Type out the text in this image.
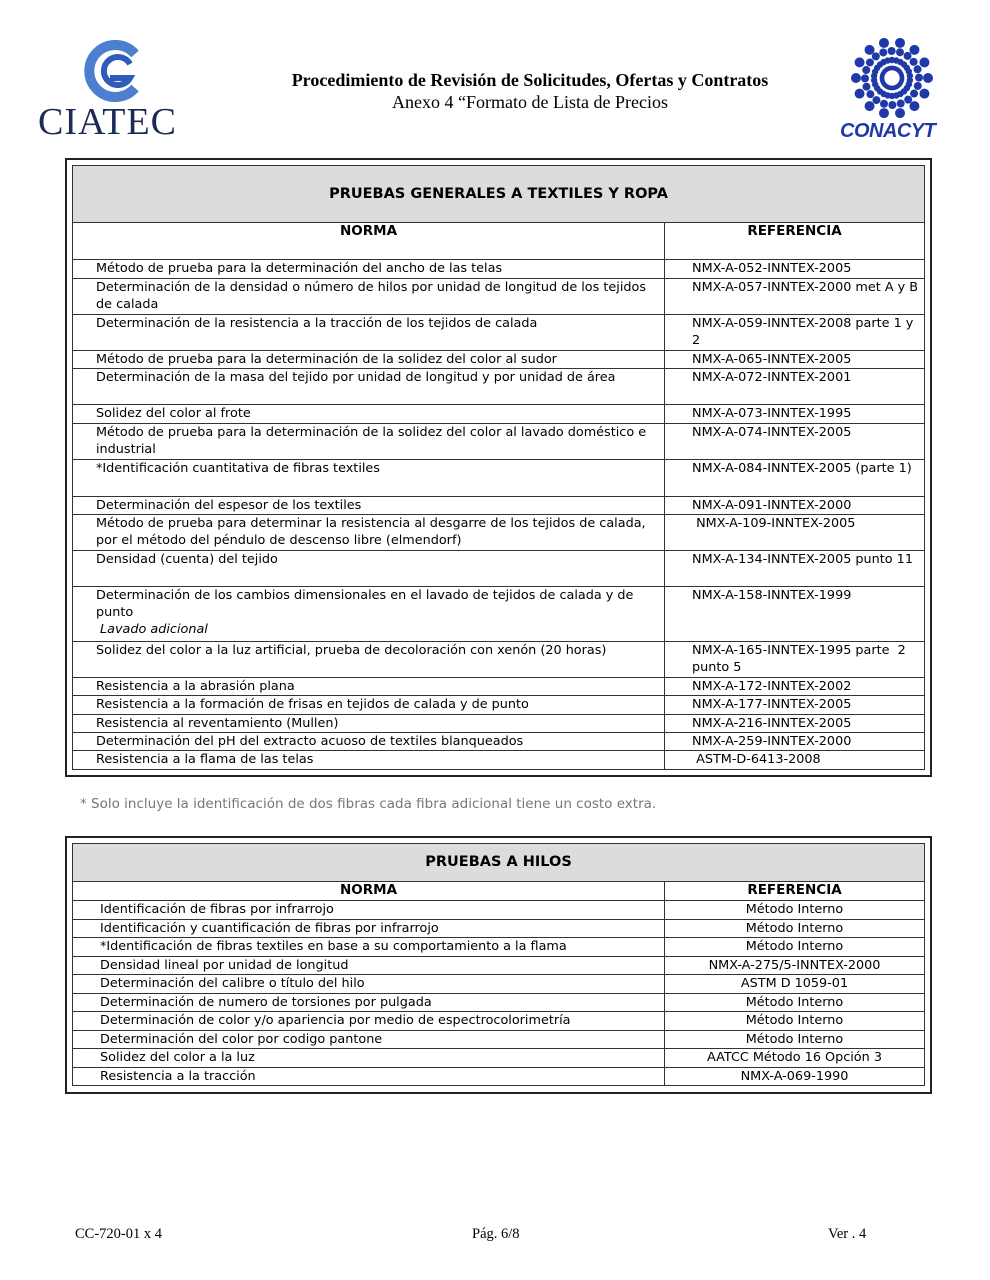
CIATEC
Procedimiento de Revisión de Solicitudes, Ofertas y Contratos
Anexo 4 “Formato de Lista de Precios
CONACYT
PRUEBAS GENERALES A TEXTILES Y ROPA	
NORMA	REFERENCIA

Método de prueba para la determinación del ancho de las telas	NMX-A-052-INNTEX-2005

Determinación de la densidad o número de hilos por unidad de longitud de los tejidos de calada	NMX-A-057-INNTEX-2000 met A y B

Determinación de la resistencia a la tracción de los tejidos de calada	NMX-A-059-INNTEX-2008 parte 1 y 2

Método de prueba para la determinación de la solidez del color al sudor	NMX-A-065-INNTEX-2005

Determinación de la masa del tejido por unidad de longitud y por unidad de área	NMX-A-072-INNTEX-2001

Solidez del color al frote	NMX-A-073-INNTEX-1995

Método de prueba para la determinación de la solidez del color al lavado doméstico e industrial	NMX-A-074-INNTEX-2005

*Identificación cuantitativa de fibras textiles	NMX-A-084-INNTEX-2005 (parte 1)

Determinación del espesor de los textiles	NMX-A-091-INNTEX-2000

Método de prueba para determinar la resistencia al desgarre de los tejidos de calada, por el método del péndulo de descenso libre (elmendorf)	NMX-A-109-INNTEX-2005

Densidad (cuenta) del tejido	NMX-A-134-INNTEX-2005 punto 11

Determinación de los cambios dimensionales en el lavado de tejidos de calada y de punto
Lavado adicional	NMX-A-158-INNTEX-1999

Solidez del color a la luz artificial, prueba de decoloración con xenón (20 horas)	NMX-A-165-INNTEX-1995 parte  2 punto 5

Resistencia a la abrasión plana	NMX-A-172-INNTEX-2002

Resistencia a la formación de frisas en tejidos de calada y de punto	NMX-A-177-INNTEX-2005

Resistencia al reventamiento (Mullen)	NMX-A-216-INNTEX-2005

Determinación del pH del extracto acuoso de textiles blanqueados	NMX-A-259-INNTEX-2000

Resistencia a la flama de las telas	ASTM-D-6413-2008
* Solo incluye la identificación de dos fibras cada fibra adicional tiene un costo extra.
PRUEBAS A HILOS	
NORMA	REFERENCIA
Identificación de fibras por infrarrojo	Método Interno
Identificación y cuantificación de fibras por infrarrojo	Método Interno
*Identificación de fibras textiles en base a su comportamiento a la flama	Método Interno
Densidad lineal por unidad de longitud	NMX-A-275/5-INNTEX-2000
Determinación del calibre o título del hilo	ASTM D 1059-01
Determinación de numero de torsiones por pulgada	Método Interno
Determinación de color y/o apariencia por medio de espectrocolorimetría	Método Interno
Determinación del color por codigo pantone	Método Interno
Solidez del color a la luz	AATCC Método 16 Opción 3
Resistencia a la tracción	NMX-A-069-1990
CC-720-01 x 4	Pág. 6/8	Ver . 4
